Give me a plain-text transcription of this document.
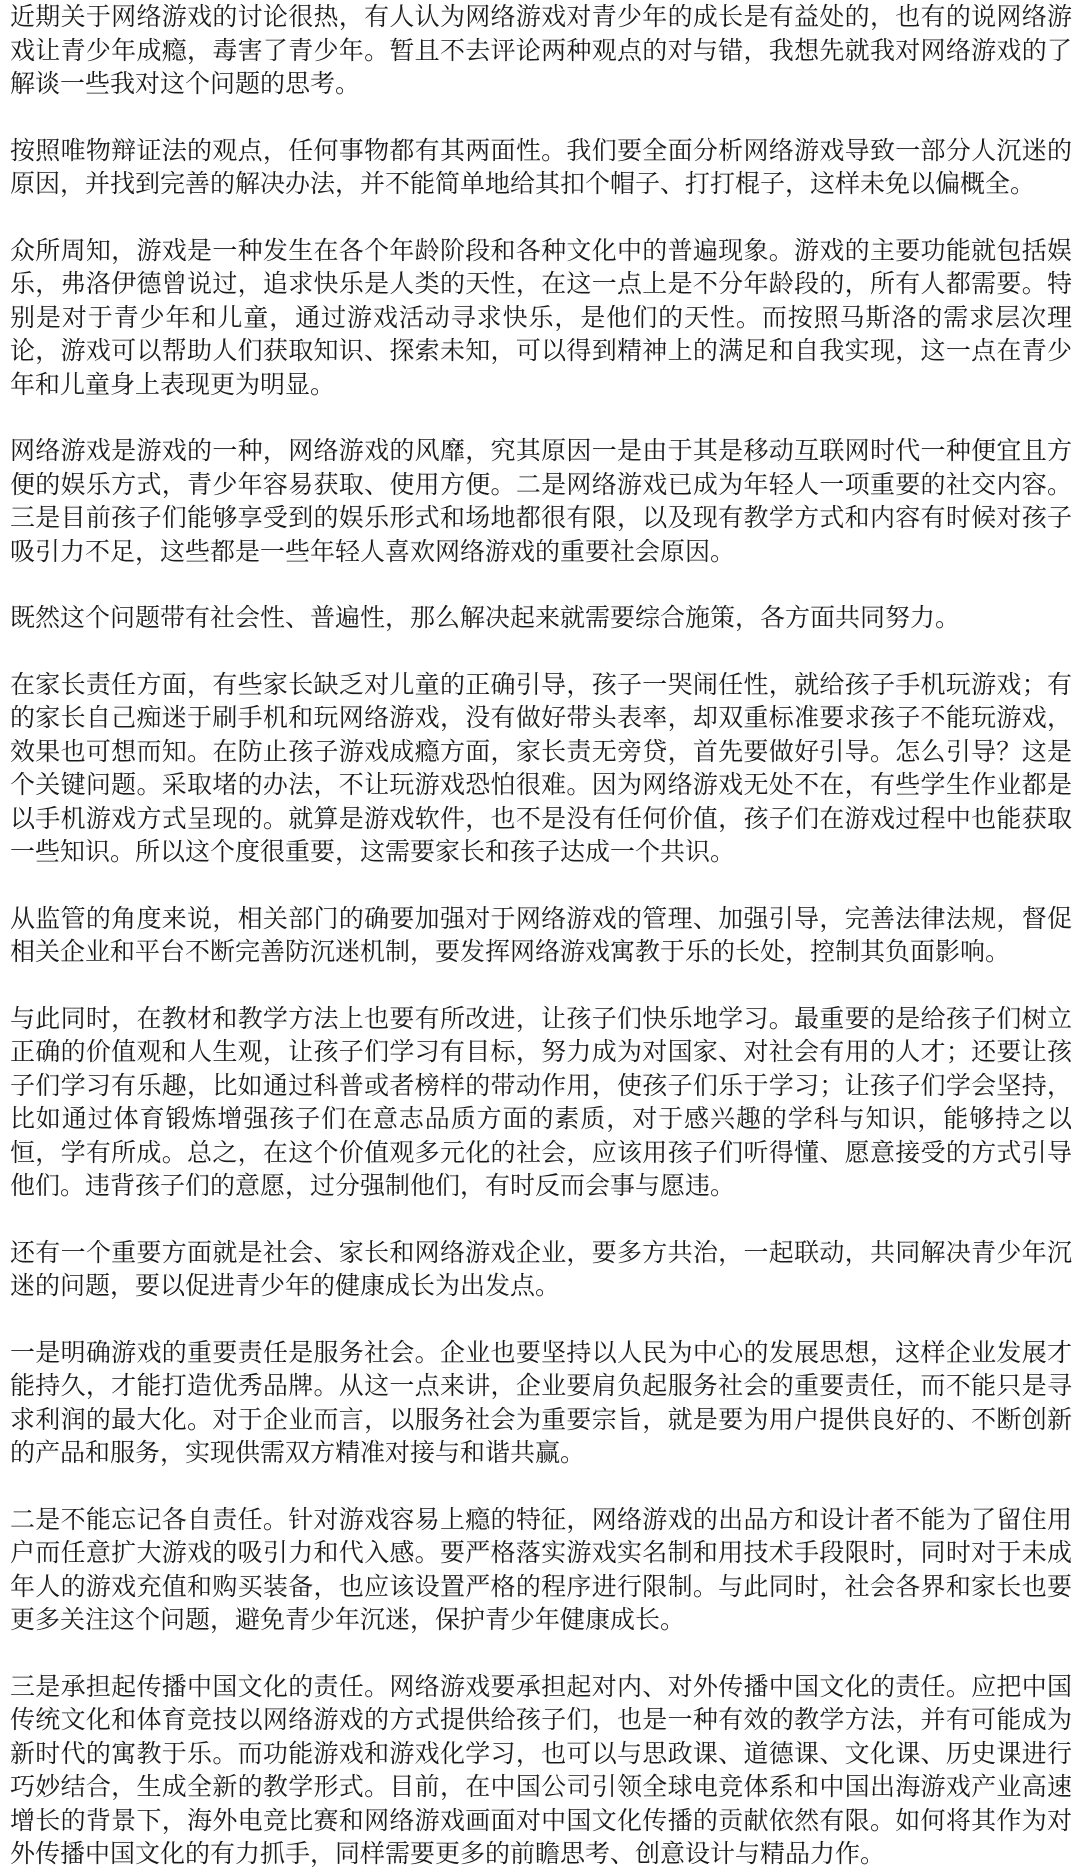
近期关于网络游戏的讨论很热，有人认为网络游戏对青少年的成长是有益处的，也有的说网络游戏让青少年成瘾，毒害了青少年。暂且不去评论两种观点的对与错，我想先就我对网络游戏的了解谈一些我对这个问题的思考。

按照唯物辩证法的观点，任何事物都有其两面性。我们要全面分析网络游戏导致一部分人沉迷的原因，并找到完善的解决办法，并不能简单地给其扣个帽子、打打棍子，这样未免以偏概全。

众所周知，游戏是一种发生在各个年龄阶段和各种文化中的普遍现象。游戏的主要功能就包括娱乐，弗洛伊德曾说过，追求快乐是人类的天性，在这一点上是不分年龄段的，所有人都需要。特别是对于青少年和儿童，通过游戏活动寻求快乐，是他们的天性。而按照马斯洛的需求层次理论，游戏可以帮助人们获取知识、探索未知，可以得到精神上的满足和自我实现，这一点在青少年和儿童身上表现更为明显。

网络游戏是游戏的一种，网络游戏的风靡，究其原因一是由于其是移动互联网时代一种便宜且方便的娱乐方式，青少年容易获取、使用方便。二是网络游戏已成为年轻人一项重要的社交内容。三是目前孩子们能够享受到的娱乐形式和场地都很有限，以及现有教学方式和内容有时候对孩子吸引力不足，这些都是一些年轻人喜欢网络游戏的重要社会原因。

既然这个问题带有社会性、普遍性，那么解决起来就需要综合施策，各方面共同努力。

在家长责任方面，有些家长缺乏对儿童的正确引导，孩子一哭闹任性，就给孩子手机玩游戏；有的家长自己痴迷于刷手机和玩网络游戏，没有做好带头表率，却双重标准要求孩子不能玩游戏，效果也可想而知。在防止孩子游戏成瘾方面，家长责无旁贷，首先要做好引导。怎么引导？这是个关键问题。采取堵的办法，不让玩游戏恐怕很难。因为网络游戏无处不在，有些学生作业都是以手机游戏方式呈现的。就算是游戏软件，也不是没有任何价值，孩子们在游戏过程中也能获取一些知识。所以这个度很重要，这需要家长和孩子达成一个共识。

从监管的角度来说，相关部门的确要加强对于网络游戏的管理、加强引导，完善法律法规，督促相关企业和平台不断完善防沉迷机制，要发挥网络游戏寓教于乐的长处，控制其负面影响。

与此同时，在教材和教学方法上也要有所改进，让孩子们快乐地学习。最重要的是给孩子们树立正确的价值观和人生观，让孩子们学习有目标，努力成为对国家、对社会有用的人才；还要让孩子们学习有乐趣，比如通过科普或者榜样的带动作用，使孩子们乐于学习；让孩子们学会坚持，比如通过体育锻炼增强孩子们在意志品质方面的素质，对于感兴趣的学科与知识，能够持之以恒，学有所成。总之，在这个价值观多元化的社会，应该用孩子们听得懂、愿意接受的方式引导他们。违背孩子们的意愿，过分强制他们，有时反而会事与愿违。

还有一个重要方面就是社会、家长和网络游戏企业，要多方共治，一起联动，共同解决青少年沉迷的问题，要以促进青少年的健康成长为出发点。

一是明确游戏的重要责任是服务社会。企业也要坚持以人民为中心的发展思想，这样企业发展才能持久，才能打造优秀品牌。从这一点来讲，企业要肩负起服务社会的重要责任，而不能只是寻求利润的最大化。对于企业而言，以服务社会为重要宗旨，就是要为用户提供良好的、不断创新的产品和服务，实现供需双方精准对接与和谐共赢。

二是不能忘记各自责任。针对游戏容易上瘾的特征，网络游戏的出品方和设计者不能为了留住用户而任意扩大游戏的吸引力和代入感。要严格落实游戏实名制和用技术手段限时，同时对于未成年人的游戏充值和购买装备，也应该设置严格的程序进行限制。与此同时，社会各界和家长也要更多关注这个问题，避免青少年沉迷，保护青少年健康成长。

三是承担起传播中国文化的责任。网络游戏要承担起对内、对外传播中国文化的责任。应把中国传统文化和体育竞技以网络游戏的方式提供给孩子们，也是一种有效的教学方法，并有可能成为新时代的寓教于乐。而功能游戏和游戏化学习，也可以与思政课、道德课、文化课、历史课进行巧妙结合，生成全新的教学形式。目前，在中国公司引领全球电竞体系和中国出海游戏产业高速增长的背景下，海外电竞比赛和网络游戏画面对中国文化传播的贡献依然有限。如何将其作为对外传播中国文化的有力抓手，同样需要更多的前瞻思考、创意设计与精品力作。
